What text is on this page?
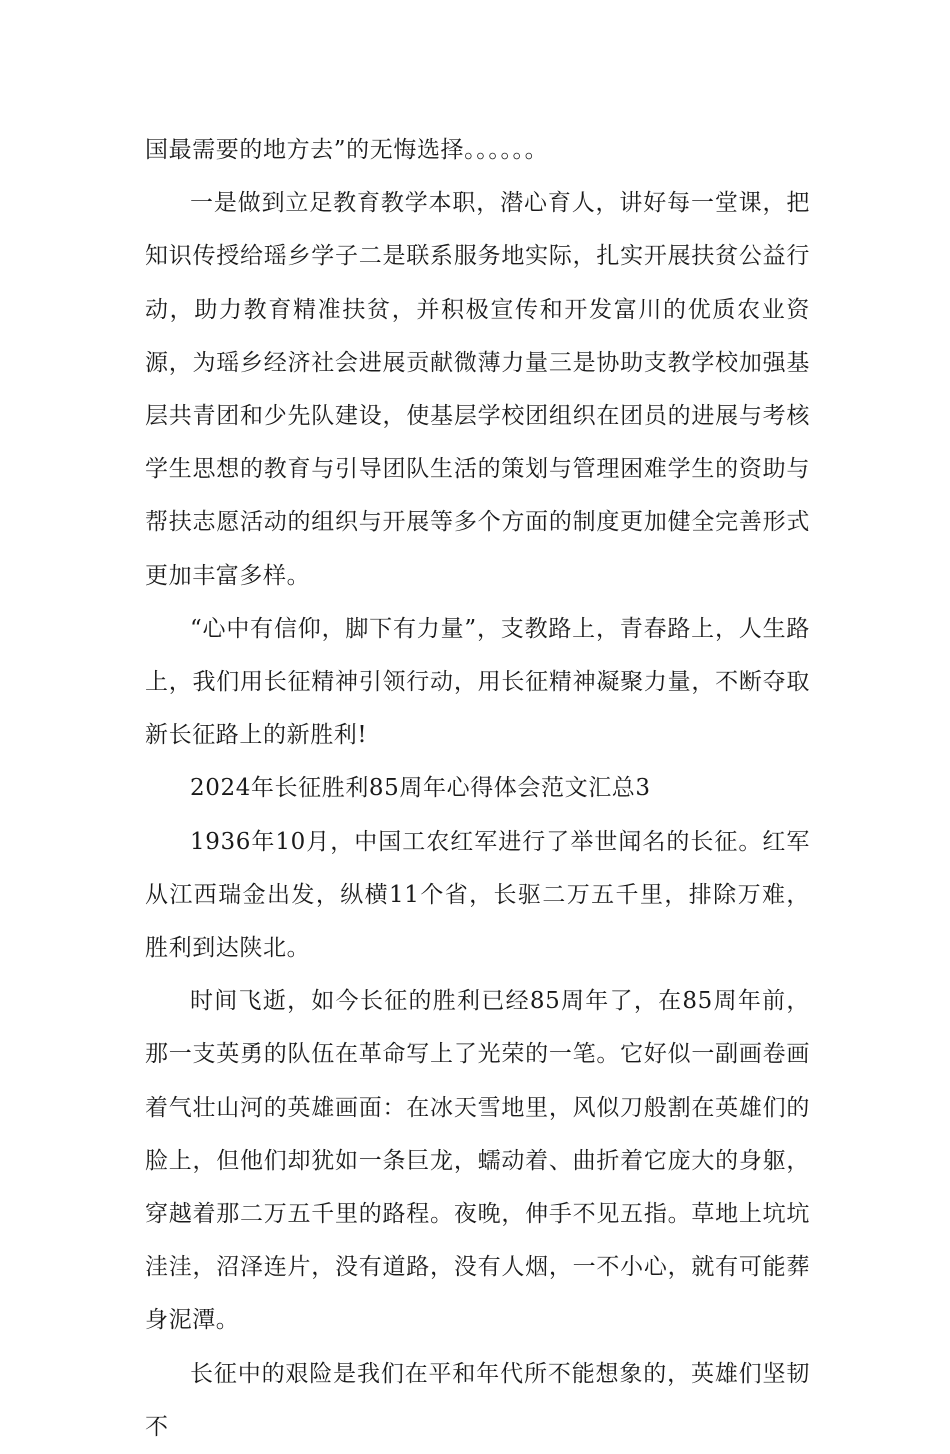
国最需要的地方去”的无悔选择。。。。。。

一是做到立足教育教学本职，潜心育人，讲好每一堂课，把知识传授给瑶乡学子二是联系服务地实际，扎实开展扶贫公益行动，助力教育精准扶贫，并积极宣传和开发富川的优质农业资源，为瑶乡经济社会进展贡献微薄力量三是协助支教学校加强基层共青团和少先队建设，使基层学校团组织在团员的进展与考核学生思想的教育与引导团队生活的策划与管理困难学生的资助与帮扶志愿活动的组织与开展等多个方面的制度更加健全完善形式更加丰富多样。

“心中有信仰，脚下有力量”，支教路上，青春路上，人生路上，我们用长征精神引领行动，用长征精神凝聚力量，不断夺取新长征路上的新胜利!

2024年长征胜利85周年心得体会范文汇总3

1936年10月，中国工农红军进行了举世闻名的长征。红军从江西瑞金出发，纵横11个省，长驱二万五千里，排除万难，胜利到达陕北。

时间飞逝，如今长征的胜利已经85周年了，在85周年前，那一支英勇的队伍在革命写上了光荣的一笔。它好似一副画卷画着气壮山河的英雄画面：在冰天雪地里，风似刀般割在英雄们的脸上，但他们却犹如一条巨龙，蠕动着、曲折着它庞大的身躯，穿越着那二万五千里的路程。夜晚，伸手不见五指。草地上坑坑洼洼，沼泽连片，没有道路，没有人烟，一不小心，就有可能葬身泥潭。

长征中的艰险是我们在平和年代所不能想象的，英雄们坚韧不
